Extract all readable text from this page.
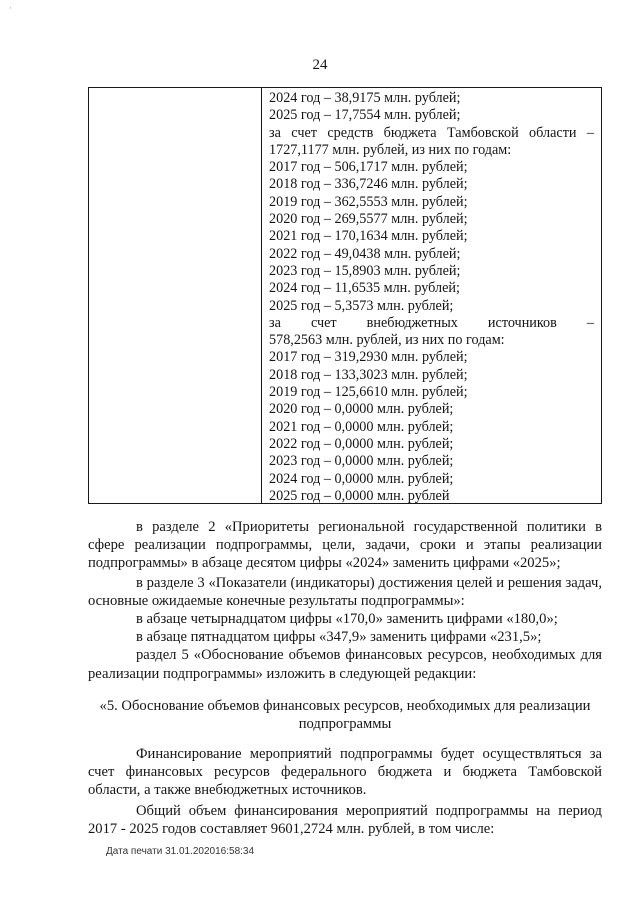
·
24
2024 год – 38,9175 млн. рублей;
2025 год – 17,7554 млн. рублей;
за счет средств бюджета Тамбовской области –
1727,1177 млн. рублей, из них по годам:
2017 год – 506,1717 млн. рублей;
2018 год – 336,7246 млн. рублей;
2019 год – 362,5553 млн. рублей;
2020 год – 269,5577 млн. рублей;
2021 год – 170,1634 млн. рублей;
2022 год – 49,0438 млн. рублей;
2023 год – 15,8903 млн. рублей;
2024 год – 11,6535 млн. рублей;
2025 год – 5,3573 млн. рублей;
за счет внебюджетных источников –
578,2563 млн. рублей, из них по годам:
2017 год – 319,2930 млн. рублей;
2018 год – 133,3023 млн. рублей;
2019 год – 125,6610 млн. рублей;
2020 год – 0,0000 млн. рублей;
2021 год – 0,0000 млн. рублей;
2022 год – 0,0000 млн. рублей;
2023 год – 0,0000 млн. рублей;
2024 год – 0,0000 млн. рублей;
2025 год – 0,0000 млн. рублей

в разделе 2 «Приоритеты региональной государственной политики в сфере реализации подпрограммы, цели, задачи, сроки и этапы реализации подпрограммы» в абзаце десятом цифры «2024» заменить цифрами «2025»;

в разделе 3 «Показатели (индикаторы) достижения целей и решения задач, основные ожидаемые конечные результаты подпрограммы»:

в абзаце четырнадцатом цифры «170,0» заменить цифрами «180,0»;

в абзаце пятнадцатом цифры «347,9» заменить цифрами «231,5»;

раздел 5 «Обоснование объемов финансовых ресурсов, необходимых для реализации подпрограммы» изложить в следующей редакции:

«5. Обоснование объемов финансовых ресурсов, необходимых для реализации подпрограммы

Финансирование мероприятий подпрограммы будет осуществляться за счет финансовых ресурсов федерального бюджета и бюджета Тамбовской области, а также внебюджетных источников.

Общий объем финансирования мероприятий подпрограммы на период 2017 - 2025 годов составляет 9601,2724 млн. рублей, в том числе:

Дата печати 31.01.202016:58:34
